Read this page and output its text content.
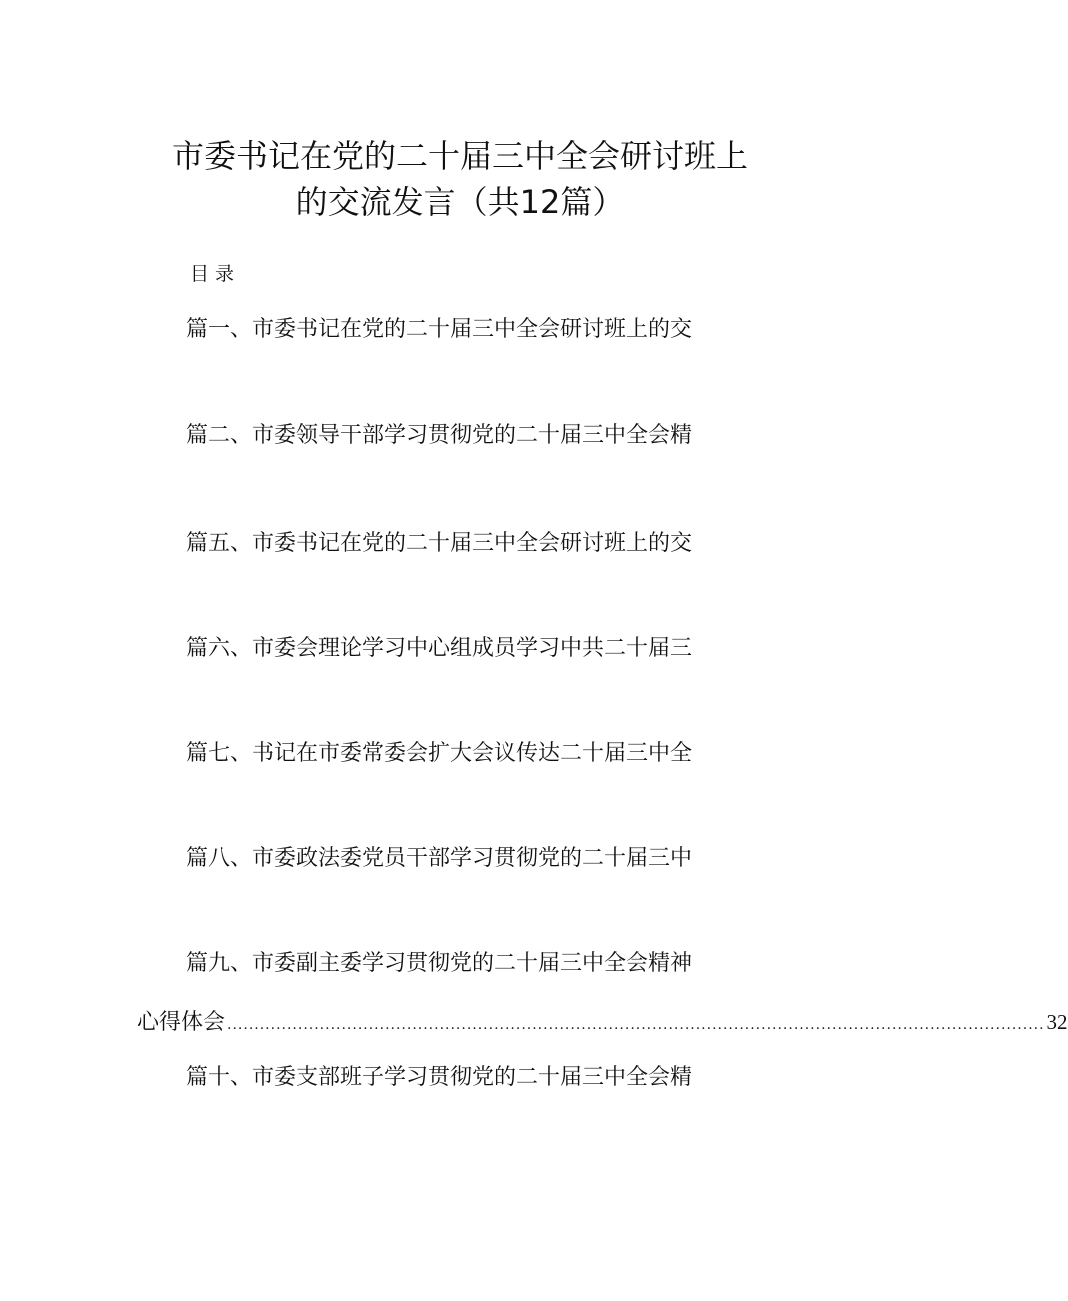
市委书记在党的二十届三中全会研讨班上
的交流发言（共12篇）
目录
篇一、市委书记在党的二十届三中全会研讨班上的交
篇二、市委领导干部学习贯彻党的二十届三中全会精
篇五、市委书记在党的二十届三中全会研讨班上的交
篇六、市委会理论学习中心组成员学习中共二十届三
篇七、书记在市委常委会扩大会议传达二十届三中全
篇八、市委政法委党员干部学习贯彻党的二十届三中
篇九、市委副主委学习贯彻党的二十届三中全会精神
心得体会 ...................................................................................................................................................... 32
篇十、市委支部班子学习贯彻党的二十届三中全会精
